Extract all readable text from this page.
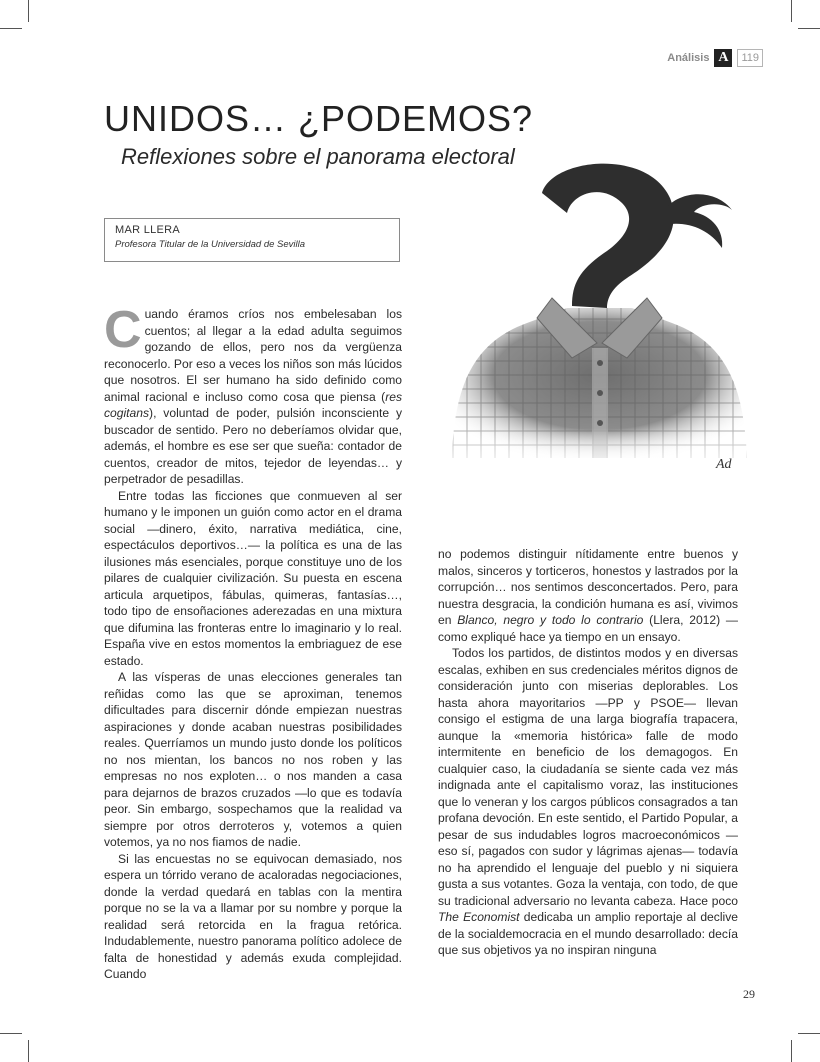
Análisis A	119
UNIDOS… ¿PODEMOS?
Reflexiones sobre el panorama electoral
MAR LLERA
Profesora Titular de la Universidad de Sevilla
Ad

Cuando éramos críos nos embelesaban los cuentos; al llegar a la edad adulta seguimos gozando de ellos, pero nos da vergüenza reconocerlo. Por eso a veces los niños son más lúcidos que nosotros. El ser humano ha sido definido como animal racional e incluso como cosa que piensa (res cogitans), voluntad de poder, pulsión inconsciente y buscador de sentido. Pero no deberíamos olvidar que, además, el hombre es ese ser que sueña: contador de cuentos, creador de mitos, tejedor de leyendas… y perpetrador de pesadillas.

Entre todas las ficciones que conmueven al ser humano y le imponen un guión como actor en el drama social —dinero, éxito, narrativa mediática, cine, espectáculos deportivos…— la política es una de las ilusiones más esenciales, porque constituye uno de los pilares de cualquier civilización. Su puesta en escena articula arquetipos, fábulas, quimeras, fantasías…, todo tipo de ensoñaciones aderezadas en una mixtura que difumina las fronteras entre lo imaginario y lo real. España vive en estos momentos la embriaguez de ese estado.

A las vísperas de unas elecciones generales tan reñidas como las que se aproximan, tenemos dificultades para discernir dónde empiezan nuestras aspiraciones y donde acaban nuestras posibilidades reales. Querríamos un mundo justo donde los políticos no nos mientan, los bancos no nos roben y las empresas no nos exploten… o nos manden a casa para dejarnos de brazos cruzados —lo que es todavía peor. Sin embargo, sospechamos que la realidad va siempre por otros derroteros y, votemos a quien votemos, ya no nos fiamos de nadie.

Si las encuestas no se equivocan demasiado, nos espera un tórrido verano de acaloradas negociaciones, donde la verdad quedará en tablas con la mentira porque no se la va a llamar por su nombre y porque la realidad será retorcida en la fragua retórica. Indudablemente, nuestro panorama político adolece de falta de honestidad y además exuda complejidad. Cuando

no podemos distinguir nítidamente entre buenos y malos, sinceros y torticeros, honestos y lastrados por la corrupción… nos sentimos desconcertados. Pero, para nuestra desgracia, la condición humana es así, vivimos en Blanco, negro y todo lo contrario (Llera, 2012) —como expliqué hace ya tiempo en un ensayo.

Todos los partidos, de distintos modos y en diversas escalas, exhiben en sus credenciales méritos dignos de consideración junto con miserias deplorables. Los hasta ahora mayoritarios —PP y PSOE— llevan consigo el estigma de una larga biografía trapacera, aunque la «memoria histórica» falle de modo intermitente en beneficio de los demagogos. En cualquier caso, la ciudadanía se siente cada vez más indignada ante el capitalismo voraz, las instituciones que lo veneran y los cargos públicos consagrados a tan profana devoción. En este sentido, el Partido Popular, a pesar de sus indudables logros macroeconómicos —eso sí, pagados con sudor y lágrimas ajenas— todavía no ha aprendido el lenguaje del pueblo y ni siquiera gusta a sus votantes. Goza la ventaja, con todo, de que su tradicional adversario no levanta cabeza. Hace poco The Economist dedicaba un amplio reportaje al declive de la socialdemocracia en el mundo desarrollado: decía que sus objetivos ya no inspiran ninguna

29
